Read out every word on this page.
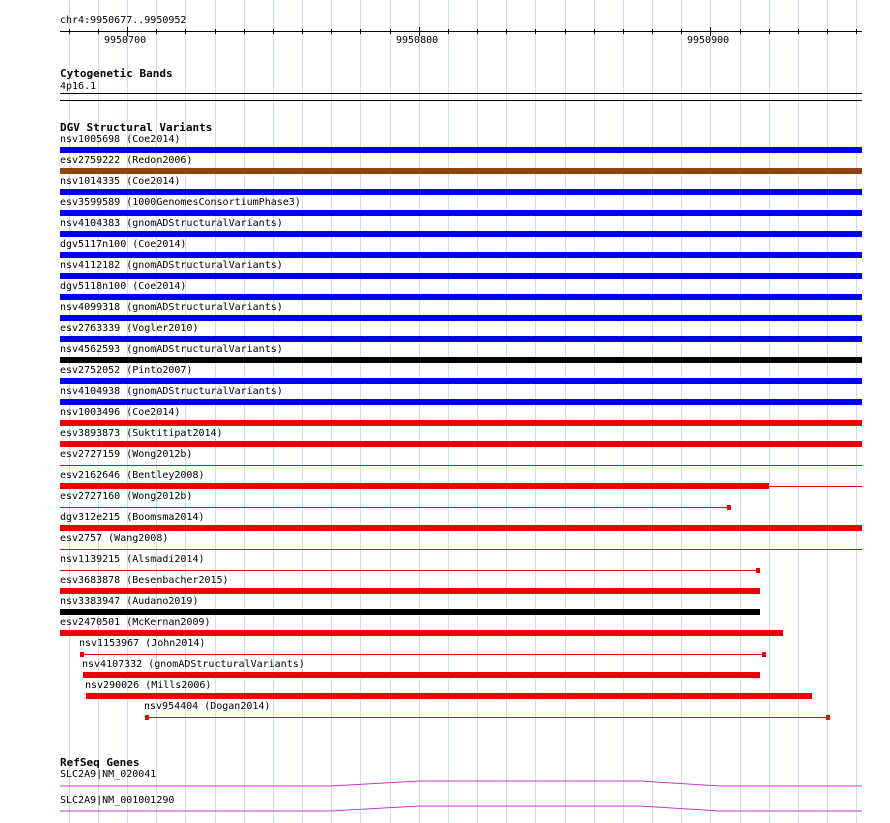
chr4:9950677..9950952
9950700	9950800	9950900
Cytogenetic Bands
4p16.1
DGV Structural Variants
nsv1005698 (Coe2014)
esv2759222 (Redon2006)
nsv1014335 (Coe2014)
esv3599589 (1000GenomesConsortiumPhase3)
nsv4104383 (gnomADStructuralVariants)
dgv5117n100 (Coe2014)
nsv4112182 (gnomADStructuralVariants)
dgv5118n100 (Coe2014)
nsv4099318 (gnomADStructuralVariants)
esv2763339 (Vogler2010)
nsv4562593 (gnomADStructuralVariants)
esv2752052 (Pinto2007)
nsv4104938 (gnomADStructuralVariants)
nsv1003496 (Coe2014)
esv3893873 (Suktitipat2014)
esv2727159 (Wong2012b)
esv2162646 (Bentley2008)
esv2727160 (Wong2012b)
dgv312e215 (Boomsma2014)
esv2757 (Wang2008)
nsv1139215 (Alsmadi2014)
esv3683878 (Besenbacher2015)
nsv3383947 (Audano2019)
esv2470501 (McKernan2009)
nsv1153967 (John2014)
nsv4107332 (gnomADStructuralVariants)
nsv290026 (Mills2006)
nsv954404 (Dogan2014)
RefSeq Genes
SLC2A9|NM_020041
SLC2A9|NM_001001290
